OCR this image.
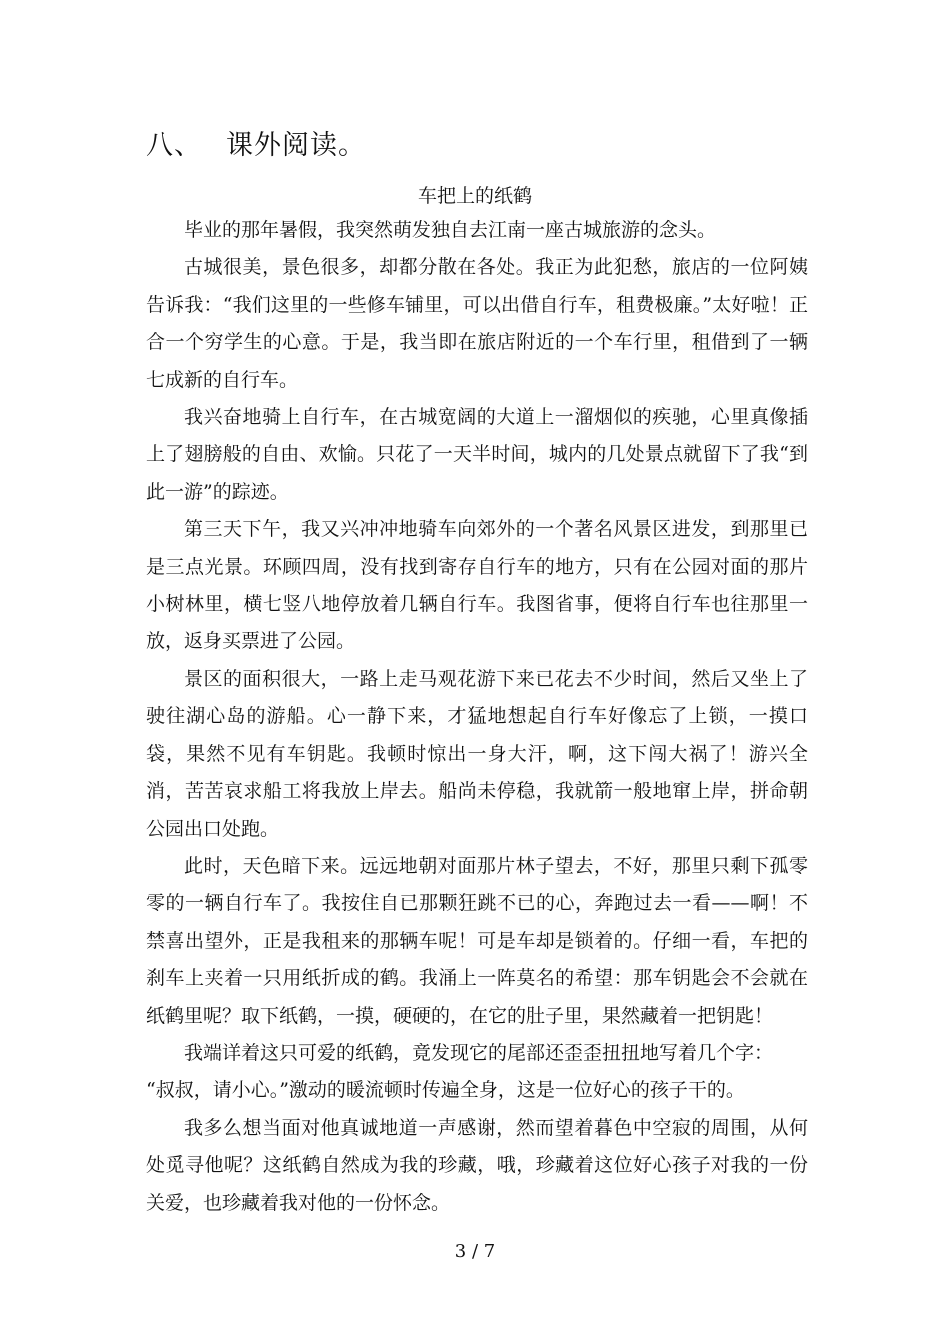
八、 课外阅读。
车把上的纸鹤

毕业的那年暑假，我突然萌发独自去江南一座古城旅游的念头。

古城很美，景色很多，却都分散在各处。我正为此犯愁，旅店的一位阿姨告诉我：“我们这里的一些修车铺里，可以出借自行车，租费极廉。”太好啦！正合一个穷学生的心意。于是，我当即在旅店附近的一个车行里，租借到了一辆七成新的自行车。

我兴奋地骑上自行车，在古城宽阔的大道上一溜烟似的疾驰，心里真像插上了翅膀般的自由、欢愉。只花了一天半时间，城内的几处景点就留下了我“到此一游”的踪迹。

第三天下午，我又兴冲冲地骑车向郊外的一个著名风景区进发，到那里已是三点光景。环顾四周，没有找到寄存自行车的地方，只有在公园对面的那片小树林里，横七竖八地停放着几辆自行车。我图省事，便将自行车也往那里一放，返身买票进了公园。

景区的面积很大，一路上走马观花游下来已花去不少时间，然后又坐上了驶往湖心岛的游船。心一静下来，才猛地想起自行车好像忘了上锁，一摸口袋，果然不见有车钥匙。我顿时惊出一身大汗，啊，这下闯大祸了！游兴全消，苦苦哀求船工将我放上岸去。船尚未停稳，我就箭一般地窜上岸，拼命朝公园出口处跑。

此时，天色暗下来。远远地朝对面那片林子望去，不好，那里只剩下孤零零的一辆自行车了。我按住自已那颗狂跳不已的心，奔跑过去一看——啊！不禁喜出望外，正是我租来的那辆车呢！可是车却是锁着的。仔细一看，车把的刹车上夹着一只用纸折成的鹤。我涌上一阵莫名的希望：那车钥匙会不会就在纸鹤里呢？取下纸鹤，一摸，硬硬的，在它的肚子里，果然藏着一把钥匙！

我端详着这只可爱的纸鹤，竟发现它的尾部还歪歪扭扭地写着几个字：

“叔叔，请小心。”激动的暖流顿时传遍全身，这是一位好心的孩子干的。

我多么想当面对他真诚地道一声感谢，然而望着暮色中空寂的周围，从何处觅寻他呢？这纸鹤自然成为我的珍藏，哦，珍藏着这位好心孩子对我的一份关爱，也珍藏着我对他的一份怀念。

3 / 7
